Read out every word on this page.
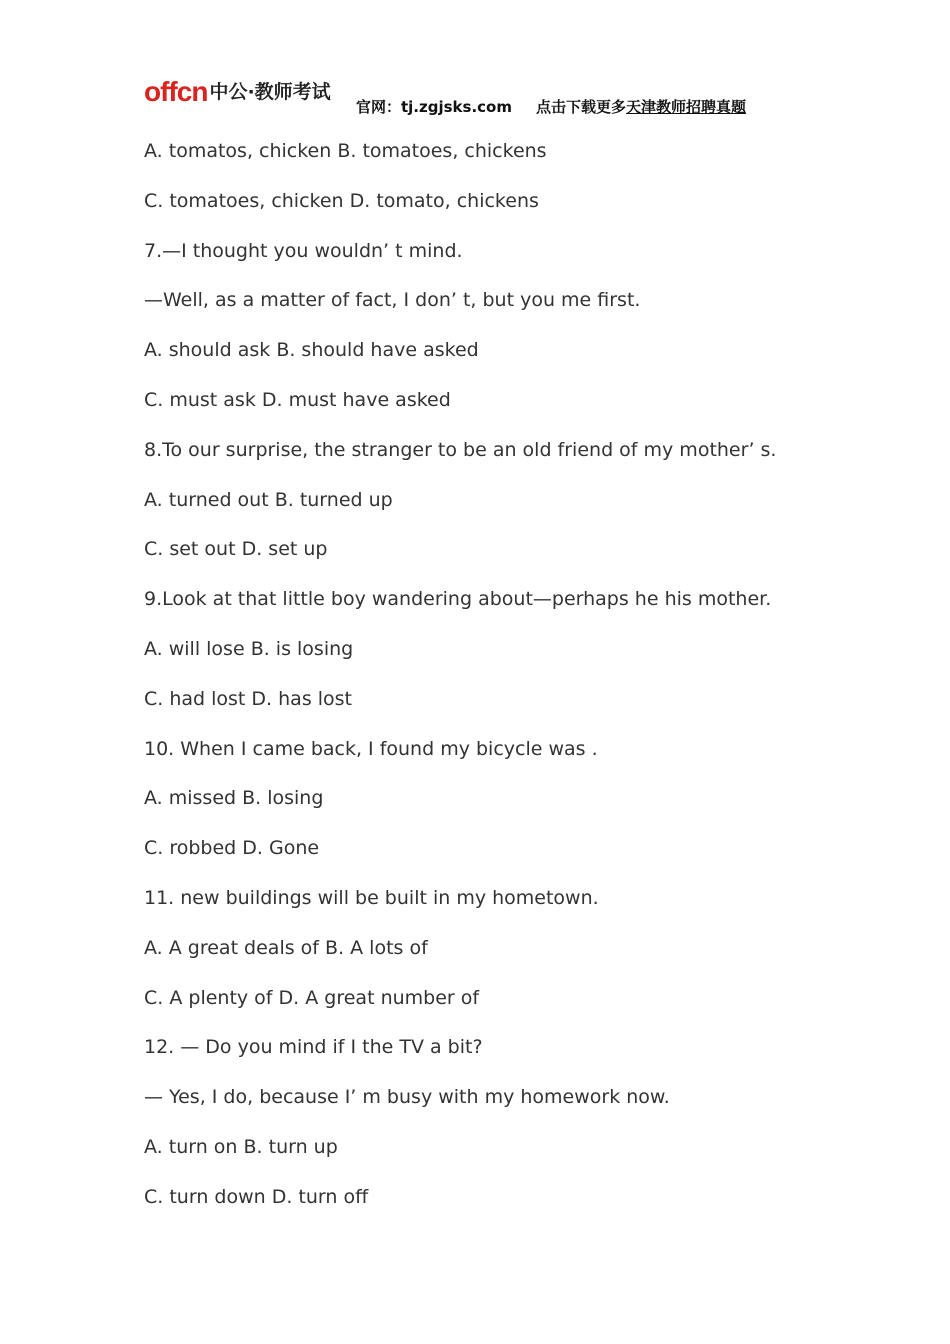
offcn 中公·教师考试
官网：tj.zgjsks.com 点击下载更多天津教师招聘真题
A. tomatos, chicken B. tomatoes, chickens
C. tomatoes, chicken D. tomato, chickens
7.—I thought you wouldn’ t mind.
—Well, as a matter of fact, I don’ t, but you me first.
A. should ask B. should have asked
C. must ask D. must have asked
8.To our surprise, the stranger to be an old friend of my mother’ s.
A. turned out B. turned up
C. set out D. set up
9.Look at that little boy wandering about—perhaps he his mother.
A. will lose B. is losing
C. had lost D. has lost
10. When I came back, I found my bicycle was .
A. missed B. losing
C. robbed D. Gone
11. new buildings will be built in my hometown.
A. A great deals of B. A lots of
C. A plenty of D. A great number of
12. — Do you mind if I the TV a bit?
— Yes, I do, because I’ m busy with my homework now.
A. turn on B. turn up
C. turn down D. turn off
